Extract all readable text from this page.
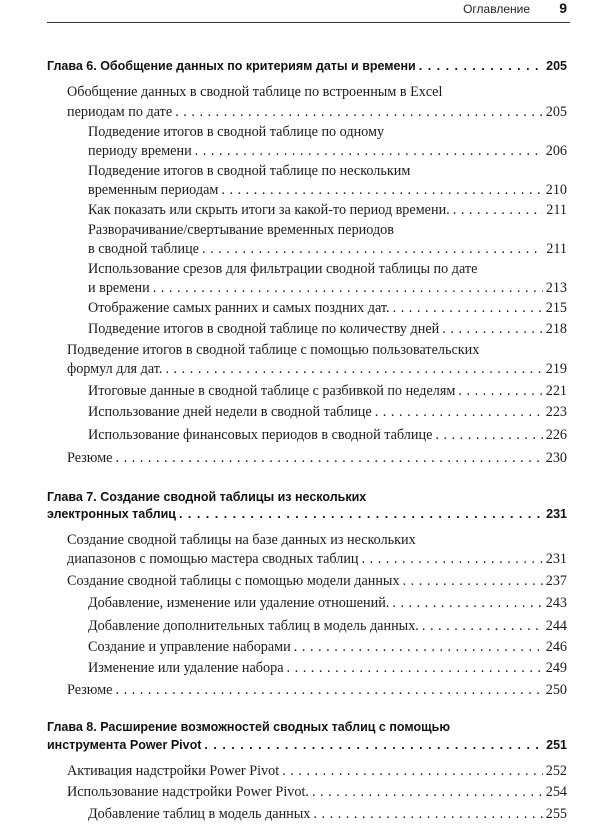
Оглавление 9
Глава 6. Обобщение данных по критериям даты и времени . . .	205
Обобщение данных в сводной таблице по встроенным в Excel
периодам по дате . . .	205
Подведение итогов в сводной таблице по одному
периоду времени . . .	206
Подведение итогов в сводной таблице по нескольким
временным периодам . . .	210
Как показать или скрыть итоги за какой-то период времени. . . .	211
Разворачивание/свертывание временных периодов
в сводной таблице . . .	211
Использование срезов для фильтрации сводной таблицы по дате
и времени . . .	213
Отображение самых ранних и самых поздних дат. . . .	215
Подведение итогов в сводной таблице по количеству дней . . .	218
Подведение итогов в сводной таблице с помощью пользовательских
формул для дат. . . .	219
Итоговые данные в сводной таблице с разбивкой по неделям . . .	221
Использование дней недели в сводной таблице . . .	223
Использование финансовых периодов в сводной таблице . . .	226
Резюме . . .	230
Глава 7. Создание сводной таблицы из нескольких
электронных таблиц . . .	231
Создание сводной таблицы на базе данных из нескольких
диапазонов с помощью мастера сводных таблиц . . .	231
Создание сводной таблицы с помощью модели данных . . .	237
Добавление, изменение или удаление отношений. . . .	243
Добавление дополнительных таблиц в модель данных. . . .	244
Создание и управление наборами . . .	246
Изменение или удаление набора . . .	249
Резюме . . .	250
Глава 8. Расширение возможностей сводных таблиц с помощью
инструмента Power Pivot . . .	251
Активация надстройки Power Pivot . . .	252
Использование надстройки Power Pivot. . . .	254
Добавление таблиц в модель данных . . .	255
